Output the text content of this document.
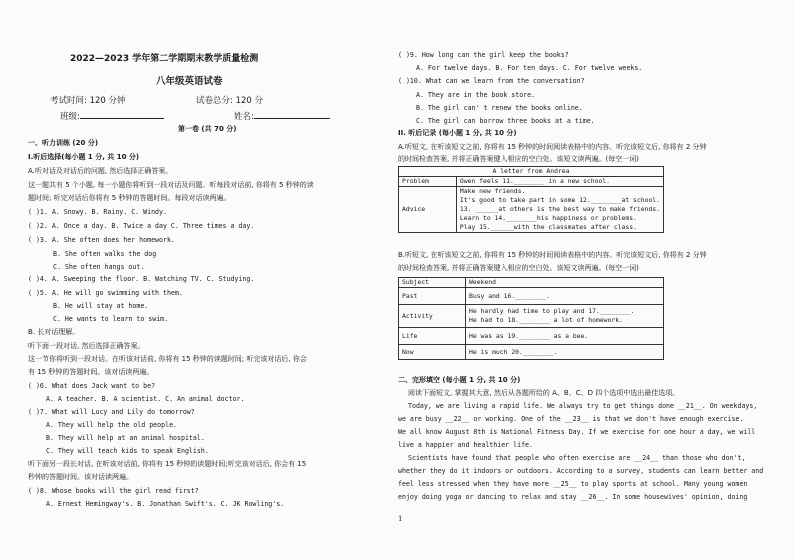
2022—2023 学年第二学期期末教学质量检测
八年级英语试卷
考试时间: 120 分钟	试卷总分: 120 分
班级:	姓名:
第一卷 (共 70 分)
一、听力训练 (20 分)
I.听后选择(每小题 1 分, 共 10 分)
A.听对话及对话后的问题, 然后选择正确答案。
这一题共有 5 个小题, 每一小题你将听到一段对话及问题。听每段对话前, 你将有 5 秒钟的读
题时间; 听完对话后你将有 5 秒钟的答题时间。每段对话读两遍。
( )1. A. Snowy. B. Rainy. C. Windy.
( )2. A. Once a day. B. Twice a day C. Three times a day.
( )3. A. She often does her homework.
B. She often walks the dog
C. She often hangs out.
( )4. A. Sweeping the floor. B. Watching TV. C. Studying.
( )5. A. He will go swimming with them.
B. He will stay at home.
C. He wants to learn to swim.
B. 长对话理解。
听下面一段对话, 然后选择正确答案。
这一节你将听到一段对话。在听该对话前, 你将有 15 秒钟的读题时间; 听完该对话后, 你会
有 15 秒钟的答题时间。该对话读两遍。
( )6. What does Jack want to be?
A. A teacher. B. A scientist. C. An animal doctor.
( )7. What will Lucy and Lily do tomorrow?
A. They will help the old people.
B. They will help at an animal hospital.
C. They will teach kids to speak English.
听下面另一段长对话, 在听该对话前, 你将有 15 秒钟的读题时间;听完该对话后, 你会有 15
秒钟的答题时间。该对话读两遍。
( )8. Whose books will the girl read first?
A. Ernest Hemingway's. B. Jonathan Swift's. C. JK Rowling's.
( )9. How long can the girl keep the books?
A. For twelve days. B. For ten days. C. For twelve weeks.
( )10. What can we learn from the conversation?
A. They are in the book store.
B. The girl can' t renew the books online.
C. The girl can borrow three books at a time.
II. 听后记录 (每小题 1 分, 共 10 分)
A.听短文, 在听该短文之前, 你将有 15 秒钟的时间阅读表格中的内容。听完该短文后, 你将有 2 分钟
的时间检查答案, 并将正确答案键入相应的空白处。该短文读两遍。(每空一词)
A letter from Andrea	
Problem	Owen feels 11.________ in a new school.
Advice	Make new friends.
It's good to take part in some 12.________at school.
13. ______at others is the best way to make friends.
Learn to 14.________his happiness or problems.
Play 15.______with the classmates after class.
B.听短文, 在听该短文之前, 你将有 15 秒钟的时间阅读表格中的内容。听完该短文后, 你将有 2 分钟
的时间检查答案, 并将正确答案键入相应的空白处。该短文读两遍。(每空一词)
Subject	Weekend
Past	Busy and 16.________.
Activity	He hardly had time to play and 17.________.
He had to 18.________ a lot of homework.

Life	He was as 19.________ as a bee.
Now	He is much 20.________.
二、完形填空 (每小题 1 分, 共 10 分)
阅读下面短文, 掌握其大意, 然后从各题所给的 A、B、C、D 四个选项中选出最佳选项。
Today, we are living a rapid life. We always try to get things done __21__. On weekdays,
we are busy __22__ or working. One of the __23__ is that we don't have enough exercise.
We all know August 8th is National Fitness Day. If we exercise for one hour a day, we will
live a happier and healthier life.
Scientists have found that people who often exercise are __24__ than those who don't,
whether they do it indoors or outdoors. According to a survey, students can learn better and
feel less stressed when they have more __25__ to play sports at school. Many young women
enjoy doing yoga or dancing to relax and stay __26__. In some housewives' opinion, doing
1
